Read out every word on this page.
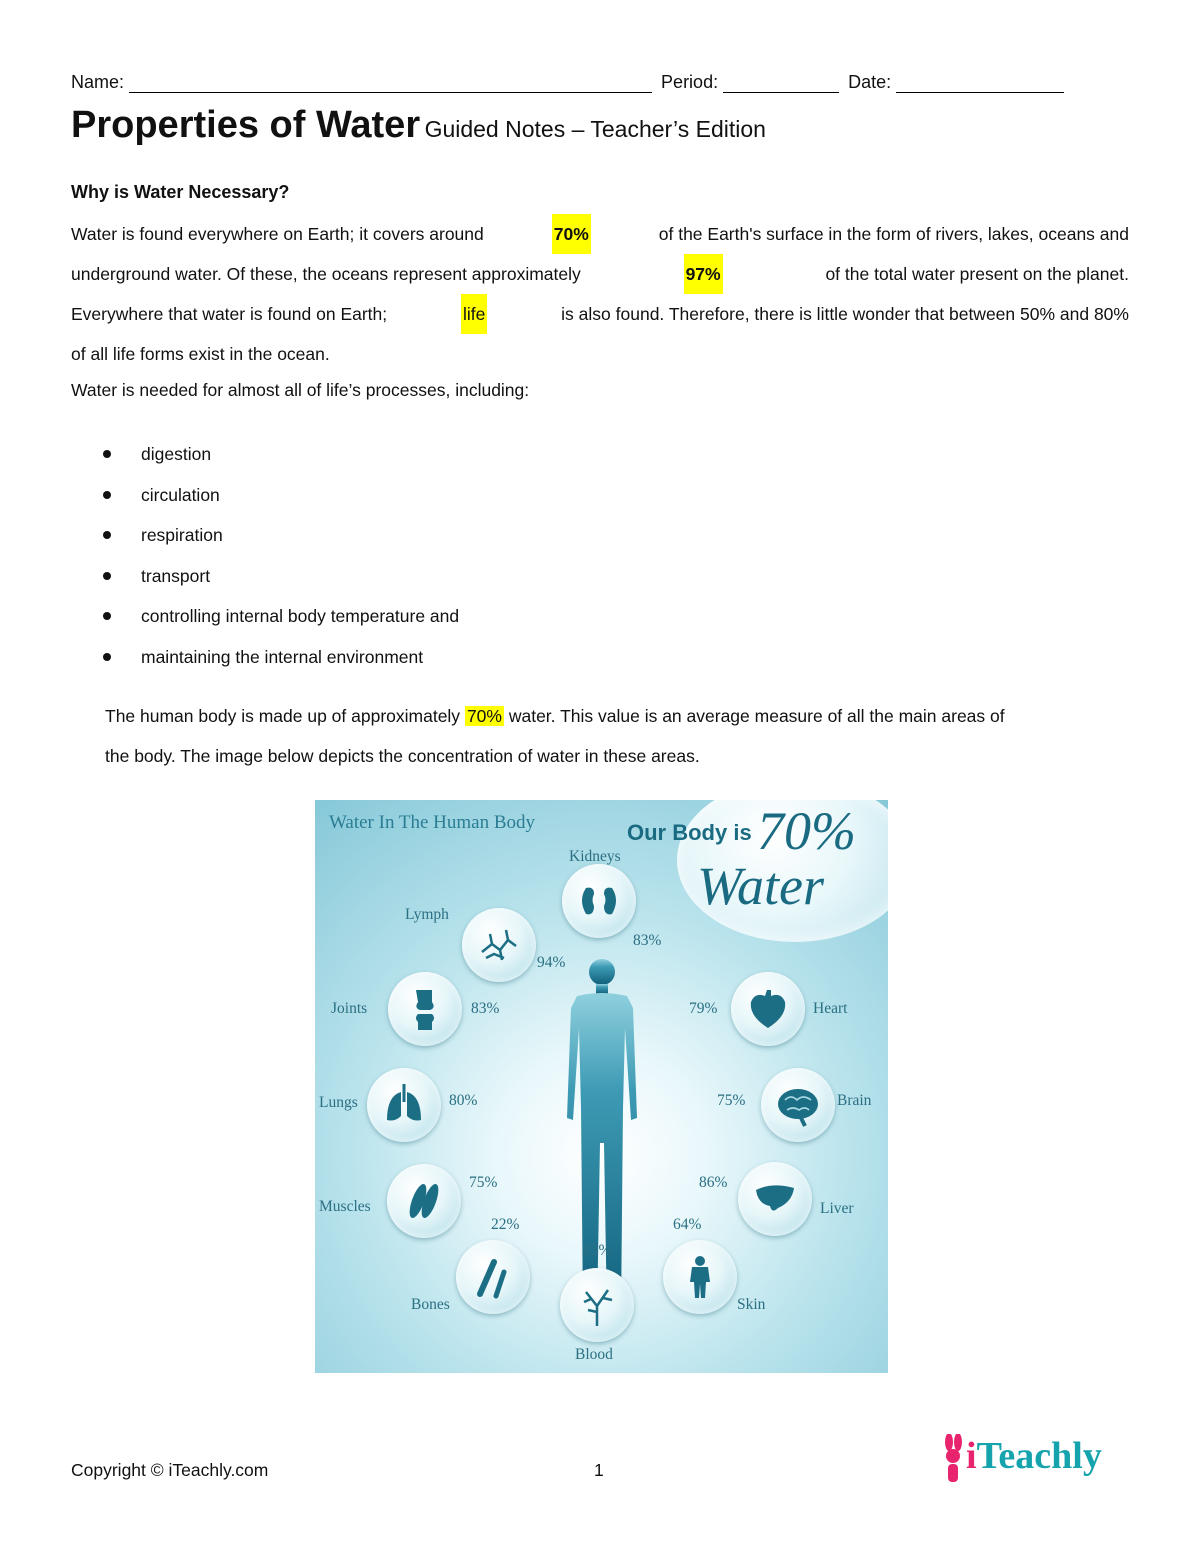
Name:	Period:	Date:
Properties of Water Guided Notes – Teacher’s Edition
Why is Water Necessary?
Water is found everywhere on Earth; it covers around	70%	of the Earth's surface in the form of rivers, lakes, oceans and
underground water. Of these, the oceans represent approximately	97%	of the total water present on the planet.
Everywhere that water is found on Earth;	life	is also found. Therefore, there is little wonder that between 50% and 80%
of all life forms exist in the ocean.
Water is needed for almost all of life’s processes, including:
digestion
circulation
respiration
transport
controlling internal body temperature and
maintaining the internal environment
The human body is made up of approximately 70% water. This value is an average measure of all the main areas of
the body. The image below depicts the concentration of water in these areas.
Water In The Human Body	Our Body is 70%
Water
Kidneys
83%
Lymph
94%
Joints	83%
Lungs	80%
Muscles
75%
Bones
22%
Blood
83%
Skin
64%
Liver
86%
Brain
75%
Heart
79%
Copyright © iTeachly.com	1	iTeachly
